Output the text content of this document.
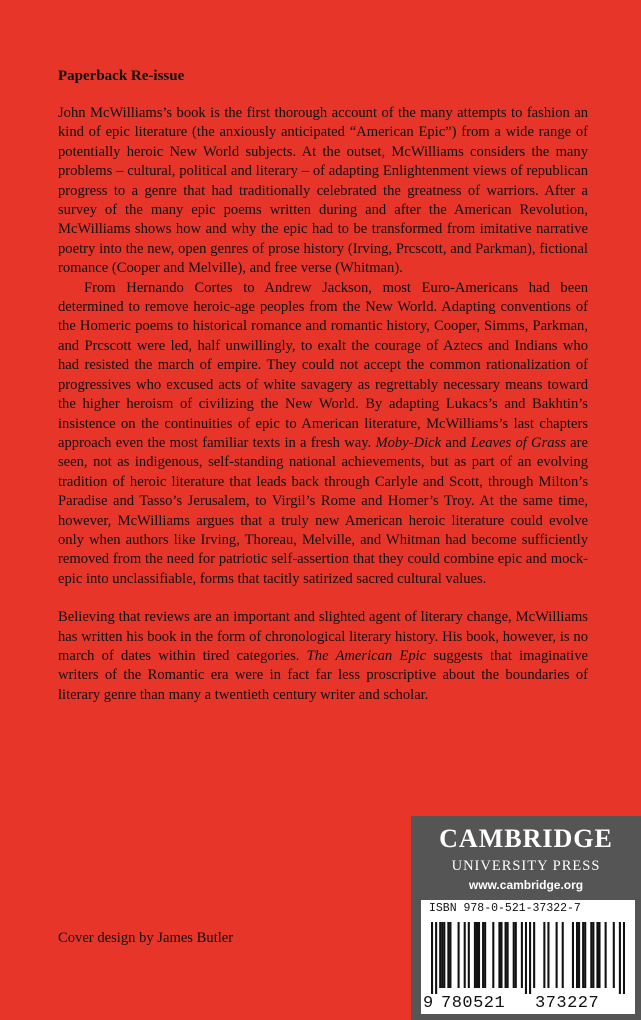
Paperback Re-issue

John McWilliams’s book is the first thorough account of the many attempts to fashion an kind of epic literature (the anxiously anticipated “American Epic”) from a wide range of potentially heroic New World subjects. At the outset, McWilliams considers the many problems – cultural, political and literary – of adapting Enlightenment views of republican progress to a genre that had traditionally celebrated the greatness of warriors. After a survey of the many epic poems written during and after the American Revolution, McWilliams shows how and why the epic had to be transformed from imitative narrative poetry into the new, open genres of prose history (Irving, Prcscott, and Parkman), fictional romance (Cooper and Melville), and free verse (Whitman).

From Hernando Cortes to Andrew Jackson, most Euro-Americans had been determined to remove heroic-age peoples from the New World. Adapting conventions of the Homeric poems to historical romance and romantic history, Cooper, Simms, Parkman, and Prcscott were led, half unwillingly, to exalt the courage of Aztecs and Indians who had resisted the march of empire. They could not accept the common rationalization of progressives who excused acts of white savagery as regrettably necessary means toward the higher heroism of civilizing the New World. By adapting Lukacs’s and Bakhtin’s insistence on the continuities of epic to American literature, McWilliams’s last chapters approach even the most familiar texts in a fresh way. Moby-Dick and Leaves of Grass are seen, not as indigenous, self-standing national achievements, but as part of an evolving tradition of heroic literature that leads back through Carlyle and Scott, through Milton’s Paradise and Tasso’s Jerusalem, to Virgil’s Rome and Homer’s Troy. At the same time, however, McWilliams argues that a truly new American heroic literature could evolve only when authors like Irving, Thoreau, Melville, and Whitman had become sufficiently removed from the need for patriotic self-assertion that they could combine epic and mock-epic into unclassifiable, forms that tacitly satirized sacred cultural values.

Believing that reviews are an important and slighted agent of literary change, McWilliams has written his book in the form of chronological literary history. His book, however, is no march of dates within tired categories. The American Epic suggests that imaginative writers of the Romantic era were in fact far less proscriptive about the boundaries of literary genre than many a twentieth century writer and scholar.

Cover design by James Butler
CAMBRIDGE
UNIVERSITY PRESS
www.cambridge.org
ISBN 978-0-521-37322-7
9 780521 373227
